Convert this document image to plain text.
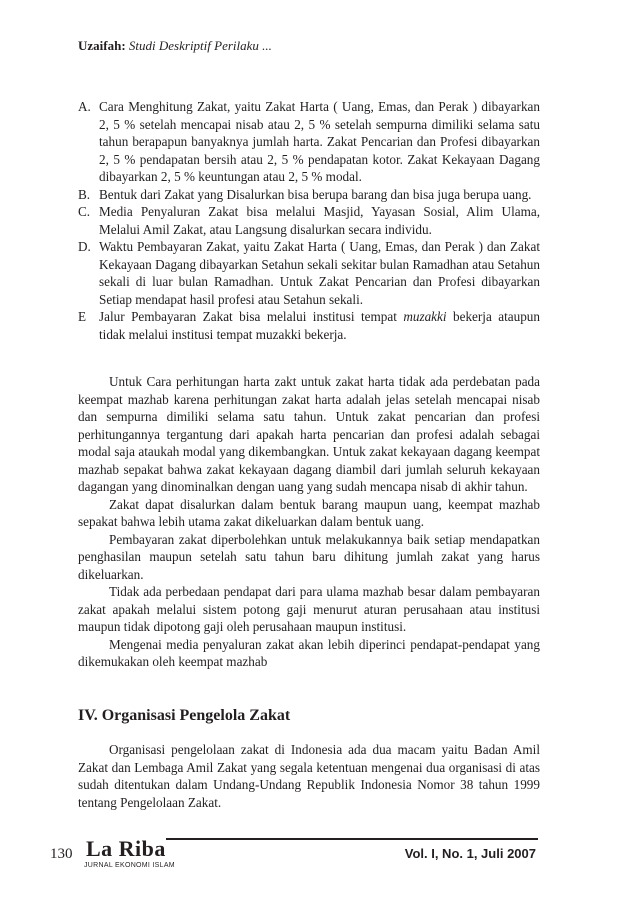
Uzaifah: Studi Deskriptif Perilaku ...
A. Cara Menghitung Zakat, yaitu Zakat Harta ( Uang, Emas, dan Perak ) dibayarkan 2, 5 % setelah mencapai nisab atau 2, 5 % setelah sempurna dimiliki selama satu tahun berapapun banyaknya jumlah harta. Zakat Pencarian dan Profesi dibayarkan 2, 5 % pendapatan bersih atau 2, 5 % pendapatan kotor. Zakat Kekayaan Dagang dibayarkan 2, 5 % keuntungan atau 2, 5 % modal.
B. Bentuk dari Zakat yang Disalurkan bisa berupa barang dan bisa juga berupa uang.
C. Media Penyaluran Zakat bisa melalui Masjid, Yayasan Sosial, Alim Ulama, Melalui Amil Zakat, atau Langsung disalurkan secara individu.
D. Waktu Pembayaran Zakat, yaitu Zakat Harta ( Uang, Emas, dan Perak ) dan Zakat Kekayaan Dagang dibayarkan Setahun sekali sekitar bulan Ramadhan atau Setahun sekali di luar bulan Ramadhan. Untuk Zakat Pencarian dan Profesi dibayarkan Setiap mendapat hasil profesi atau Setahun sekali.
E Jalur Pembayaran Zakat bisa melalui institusi tempat muzakki bekerja ataupun tidak melalui institusi tempat muzakki bekerja.

Untuk Cara perhitungan harta zakt untuk zakat harta tidak ada perdebatan pada keempat mazhab karena perhitungan zakat harta adalah jelas setelah mencapai nisab dan sempurna dimiliki selama satu tahun. Untuk zakat pencarian dan profesi perhitungannya tergantung dari apakah harta pencarian dan profesi adalah sebagai modal saja ataukah modal yang dikembangkan. Untuk zakat kekayaan dagang keempat mazhab sepakat bahwa zakat kekayaan dagang diambil dari jumlah seluruh kekayaan dagangan yang dinominalkan dengan uang yang sudah mencapa nisab di akhir tahun.

Zakat dapat disalurkan dalam bentuk barang maupun uang, keempat mazhab sepakat bahwa lebih utama zakat dikeluarkan dalam bentuk uang.

Pembayaran zakat diperbolehkan untuk melakukannya baik setiap mendapatkan penghasilan maupun setelah satu tahun baru dihitung jumlah zakat yang harus dikeluarkan.

Tidak ada perbedaan pendapat dari para ulama mazhab besar dalam pembayaran zakat apakah melalui sistem potong gaji menurut aturan perusahaan atau institusi maupun tidak dipotong gaji oleh perusahaan maupun institusi.

Mengenai media penyaluran zakat akan lebih diperinci pendapat-pendapat yang dikemukakan oleh keempat mazhab

IV. Organisasi Pengelola Zakat

Organisasi pengelolaan zakat di Indonesia ada dua macam yaitu Badan Amil Zakat dan Lembaga Amil Zakat yang segala ketentuan mengenai dua organisasi di atas sudah ditentukan dalam Undang-Undang Republik Indonesia Nomor 38 tahun 1999 tentang Pengelolaan Zakat.

130 La Riba
JURNAL EKONOMI ISLAM
Vol. I, No. 1, Juli 2007
